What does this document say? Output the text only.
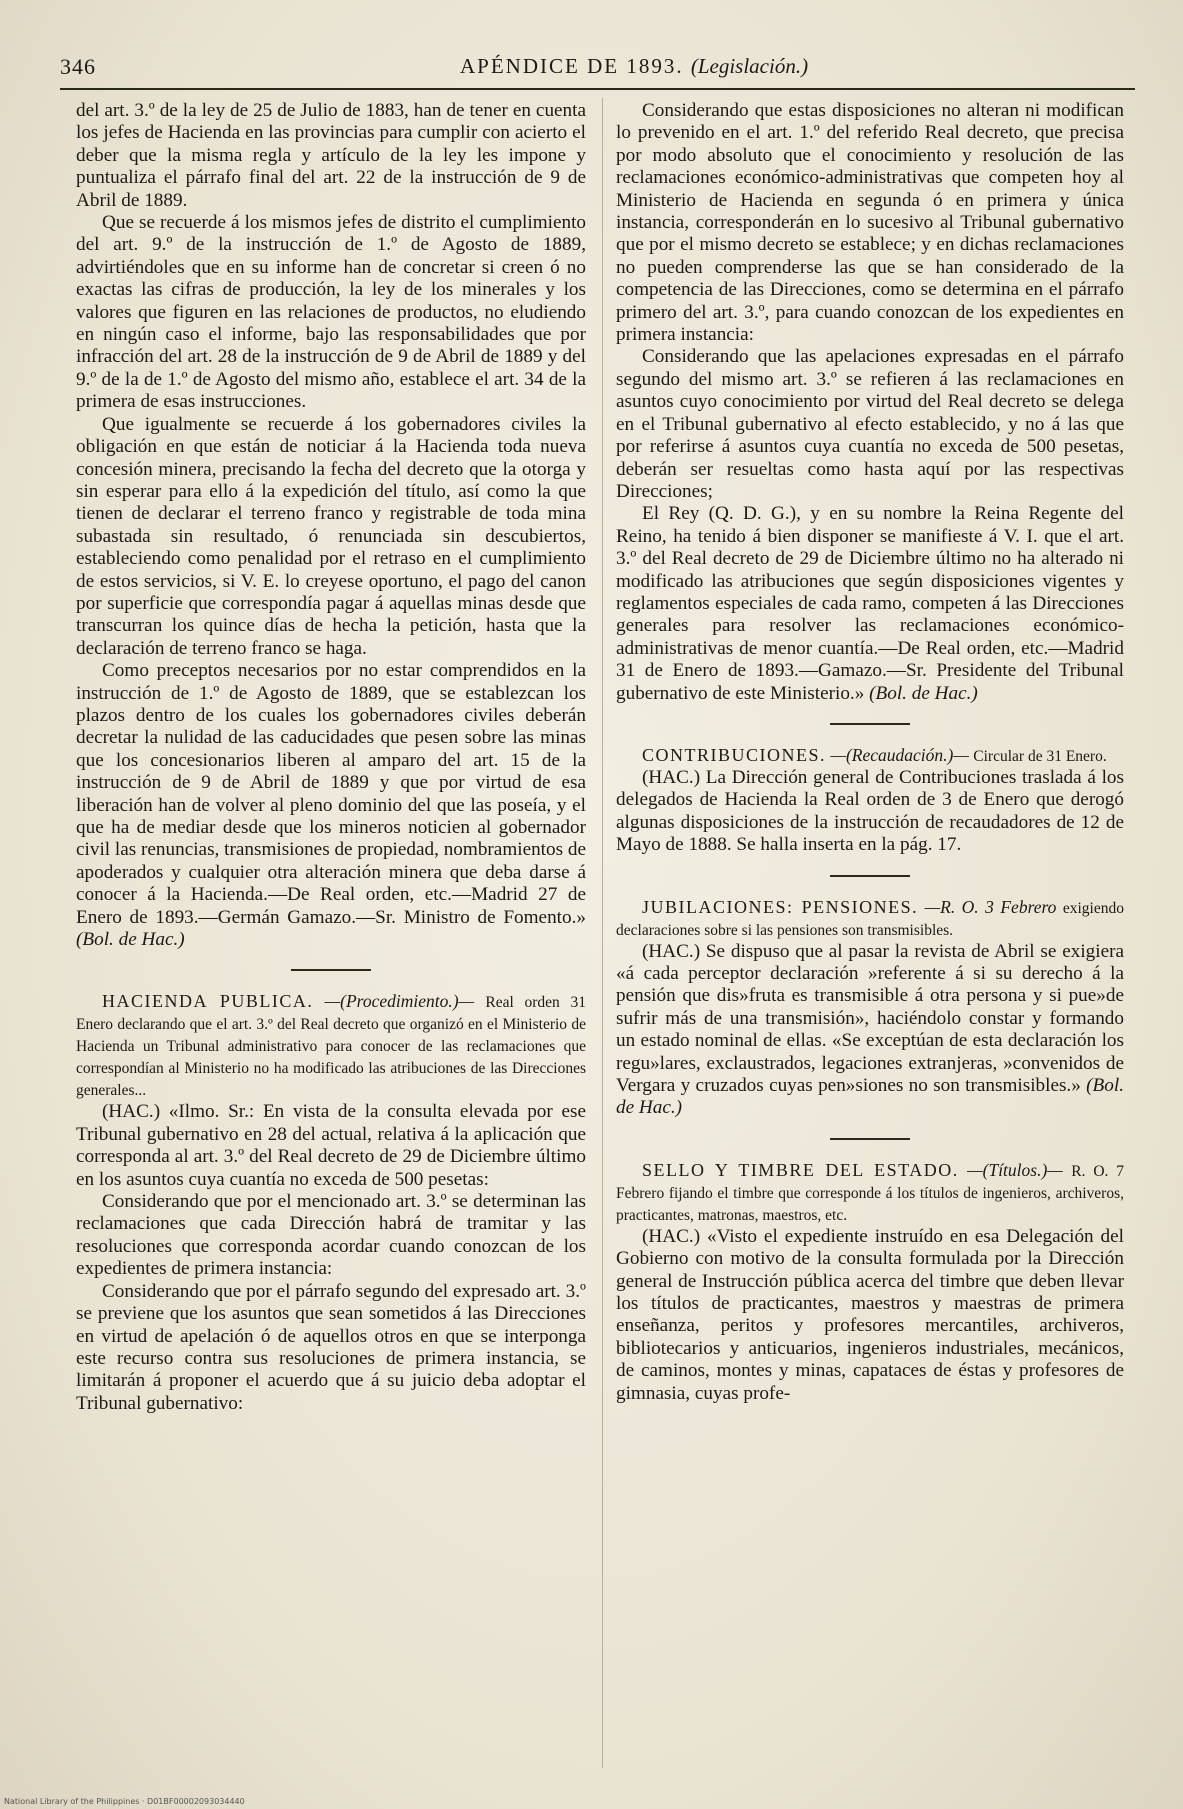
346	APÉNDICE DE 1893. (Legislación.)

del art. 3.º de la ley de 25 de Julio de 1883, han de tener en cuenta los jefes de Hacienda en las provincias para cumplir con acierto el deber que la misma regla y artículo de la ley les impone y puntualiza el párrafo final del art. 22 de la instrucción de 9 de Abril de 1889.

Que se recuerde á los mismos jefes de distrito el cumplimiento del art. 9.º de la instrucción de 1.º de Agosto de 1889, advirtiéndoles que en su informe han de concretar si creen ó no exactas las cifras de producción, la ley de los minerales y los valores que figuren en las relaciones de productos, no eludiendo en ningún caso el informe, bajo las responsabilidades que por infracción del art. 28 de la instrucción de 9 de Abril de 1889 y del 9.º de la de 1.º de Agosto del mismo año, establece el art. 34 de la primera de esas instrucciones.

Que igualmente se recuerde á los gobernadores civiles la obligación en que están de noticiar á la Hacienda toda nueva concesión minera, precisando la fecha del decreto que la otorga y sin esperar para ello á la expedición del título, así como la que tienen de declarar el terreno franco y registrable de toda mina subastada sin resultado, ó renunciada sin descubiertos, estableciendo como penalidad por el retraso en el cumplimiento de estos servicios, si V. E. lo creyese oportuno, el pago del canon por superficie que correspondía pagar á aquellas minas desde que transcurran los quince días de hecha la petición, hasta que la declaración de terreno franco se haga.

Como preceptos necesarios por no estar comprendidos en la instrucción de 1.º de Agosto de 1889, que se establezcan los plazos dentro de los cuales los gobernadores civiles deberán decretar la nulidad de las caducidades que pesen sobre las minas que los concesionarios liberen al amparo del art. 15 de la instrucción de 9 de Abril de 1889 y que por virtud de esa liberación han de volver al pleno dominio del que las poseía, y el que ha de mediar desde que los mineros noticien al gobernador civil las renuncias, transmisiones de propiedad, nombramientos de apoderados y cualquier otra alteración minera que deba darse á conocer á la Hacienda.—De Real orden, etc.—Madrid 27 de Enero de 1893.—Germán Gamazo.—Sr. Ministro de Fomento.» (Bol. de Hac.)

HACIENDA PUBLICA. —(Procedimiento.)— Real orden 31 Enero declarando que el art. 3.º del Real decreto que organizó en el Ministerio de Hacienda un Tribunal administrativo para conocer de las reclamaciones que correspondían al Ministerio no ha modificado las atribuciones de las Direcciones generales...

(HAC.) «Ilmo. Sr.: En vista de la consulta elevada por ese Tribunal gubernativo en 28 del actual, relativa á la aplicación que corresponda al art. 3.º del Real decreto de 29 de Diciembre último en los asuntos cuya cuantía no exceda de 500 pesetas:

Considerando que por el mencionado art. 3.º se determinan las reclamaciones que cada Dirección habrá de tramitar y las resoluciones que corresponda acordar cuando conozcan de los expedientes de primera instancia:

Considerando que por el párrafo segundo del expresado art. 3.º se previene que los asuntos que sean sometidos á las Direcciones en virtud de apelación ó de aquellos otros en que se interponga este recurso contra sus resoluciones de primera instancia, se limitarán á proponer el acuerdo que á su juicio deba adoptar el Tribunal gubernativo:

Considerando que estas disposiciones no alteran ni modifican lo prevenido en el art. 1.º del referido Real decreto, que precisa por modo absoluto que el conocimiento y resolución de las reclamaciones económico-administrativas que competen hoy al Ministerio de Hacienda en segunda ó en primera y única instancia, corresponderán en lo sucesivo al Tribunal gubernativo que por el mismo decreto se establece; y en dichas reclamaciones no pueden comprenderse las que se han considerado de la competencia de las Direcciones, como se determina en el párrafo primero del art. 3.º, para cuando conozcan de los expedientes en primera instancia:

Considerando que las apelaciones expresadas en el párrafo segundo del mismo art. 3.º se refieren á las reclamaciones en asuntos cuyo conocimiento por virtud del Real decreto se delega en el Tribunal gubernativo al efecto establecido, y no á las que por referirse á asuntos cuya cuantía no exceda de 500 pesetas, deberán ser resueltas como hasta aquí por las respectivas Direcciones;

El Rey (Q. D. G.), y en su nombre la Reina Regente del Reino, ha tenido á bien disponer se manifieste á V. I. que el art. 3.º del Real decreto de 29 de Diciembre último no ha alterado ni modificado las atribuciones que según disposiciones vigentes y reglamentos especiales de cada ramo, competen á las Direcciones generales para resolver las reclamaciones económico-administrativas de menor cuantía.—De Real orden, etc.—Madrid 31 de Enero de 1893.—Gamazo.—Sr. Presidente del Tribunal gubernativo de este Ministerio.» (Bol. de Hac.)

CONTRIBUCIONES. —(Recaudación.)— Circular de 31 Enero.

(HAC.) La Dirección general de Contribuciones traslada á los delegados de Hacienda la Real orden de 3 de Enero que derogó algunas disposiciones de la instrucción de recaudadores de 12 de Mayo de 1888. Se halla inserta en la pág. 17.

JUBILACIONES: PENSIONES. —R. O. 3 Febrero exigiendo declaraciones sobre si las pensiones son transmisibles.

(HAC.) Se dispuso que al pasar la revista de Abril se exigiera «á cada perceptor declaración »referente á si su derecho á la pensión que dis»fruta es transmisible á otra persona y si pue»de sufrir más de una transmisión», haciéndolo constar y formando un estado nominal de ellas. «Se exceptúan de esta declaración los regu»lares, exclaustrados, legaciones extranjeras, »convenidos de Vergara y cruzados cuyas pen»siones no son transmisibles.» (Bol. de Hac.)

SELLO Y TIMBRE DEL ESTADO. —(Títulos.)— R. O. 7 Febrero fijando el timbre que corresponde á los títulos de ingenieros, archiveros, practicantes, matronas, maestros, etc.

(HAC.) «Visto el expediente instruído en esa Delegación del Gobierno con motivo de la consulta formulada por la Dirección general de Instrucción pública acerca del timbre que deben llevar los títulos de practicantes, maestros y maestras de primera enseñanza, peritos y profesores mercantiles, archiveros, bibliotecarios y anticuarios, ingenieros industriales, mecánicos, de caminos, montes y minas, capataces de éstas y profesores de gimnasia, cuyas profe-

National Library of the Philippines · D01BF00002093034440
